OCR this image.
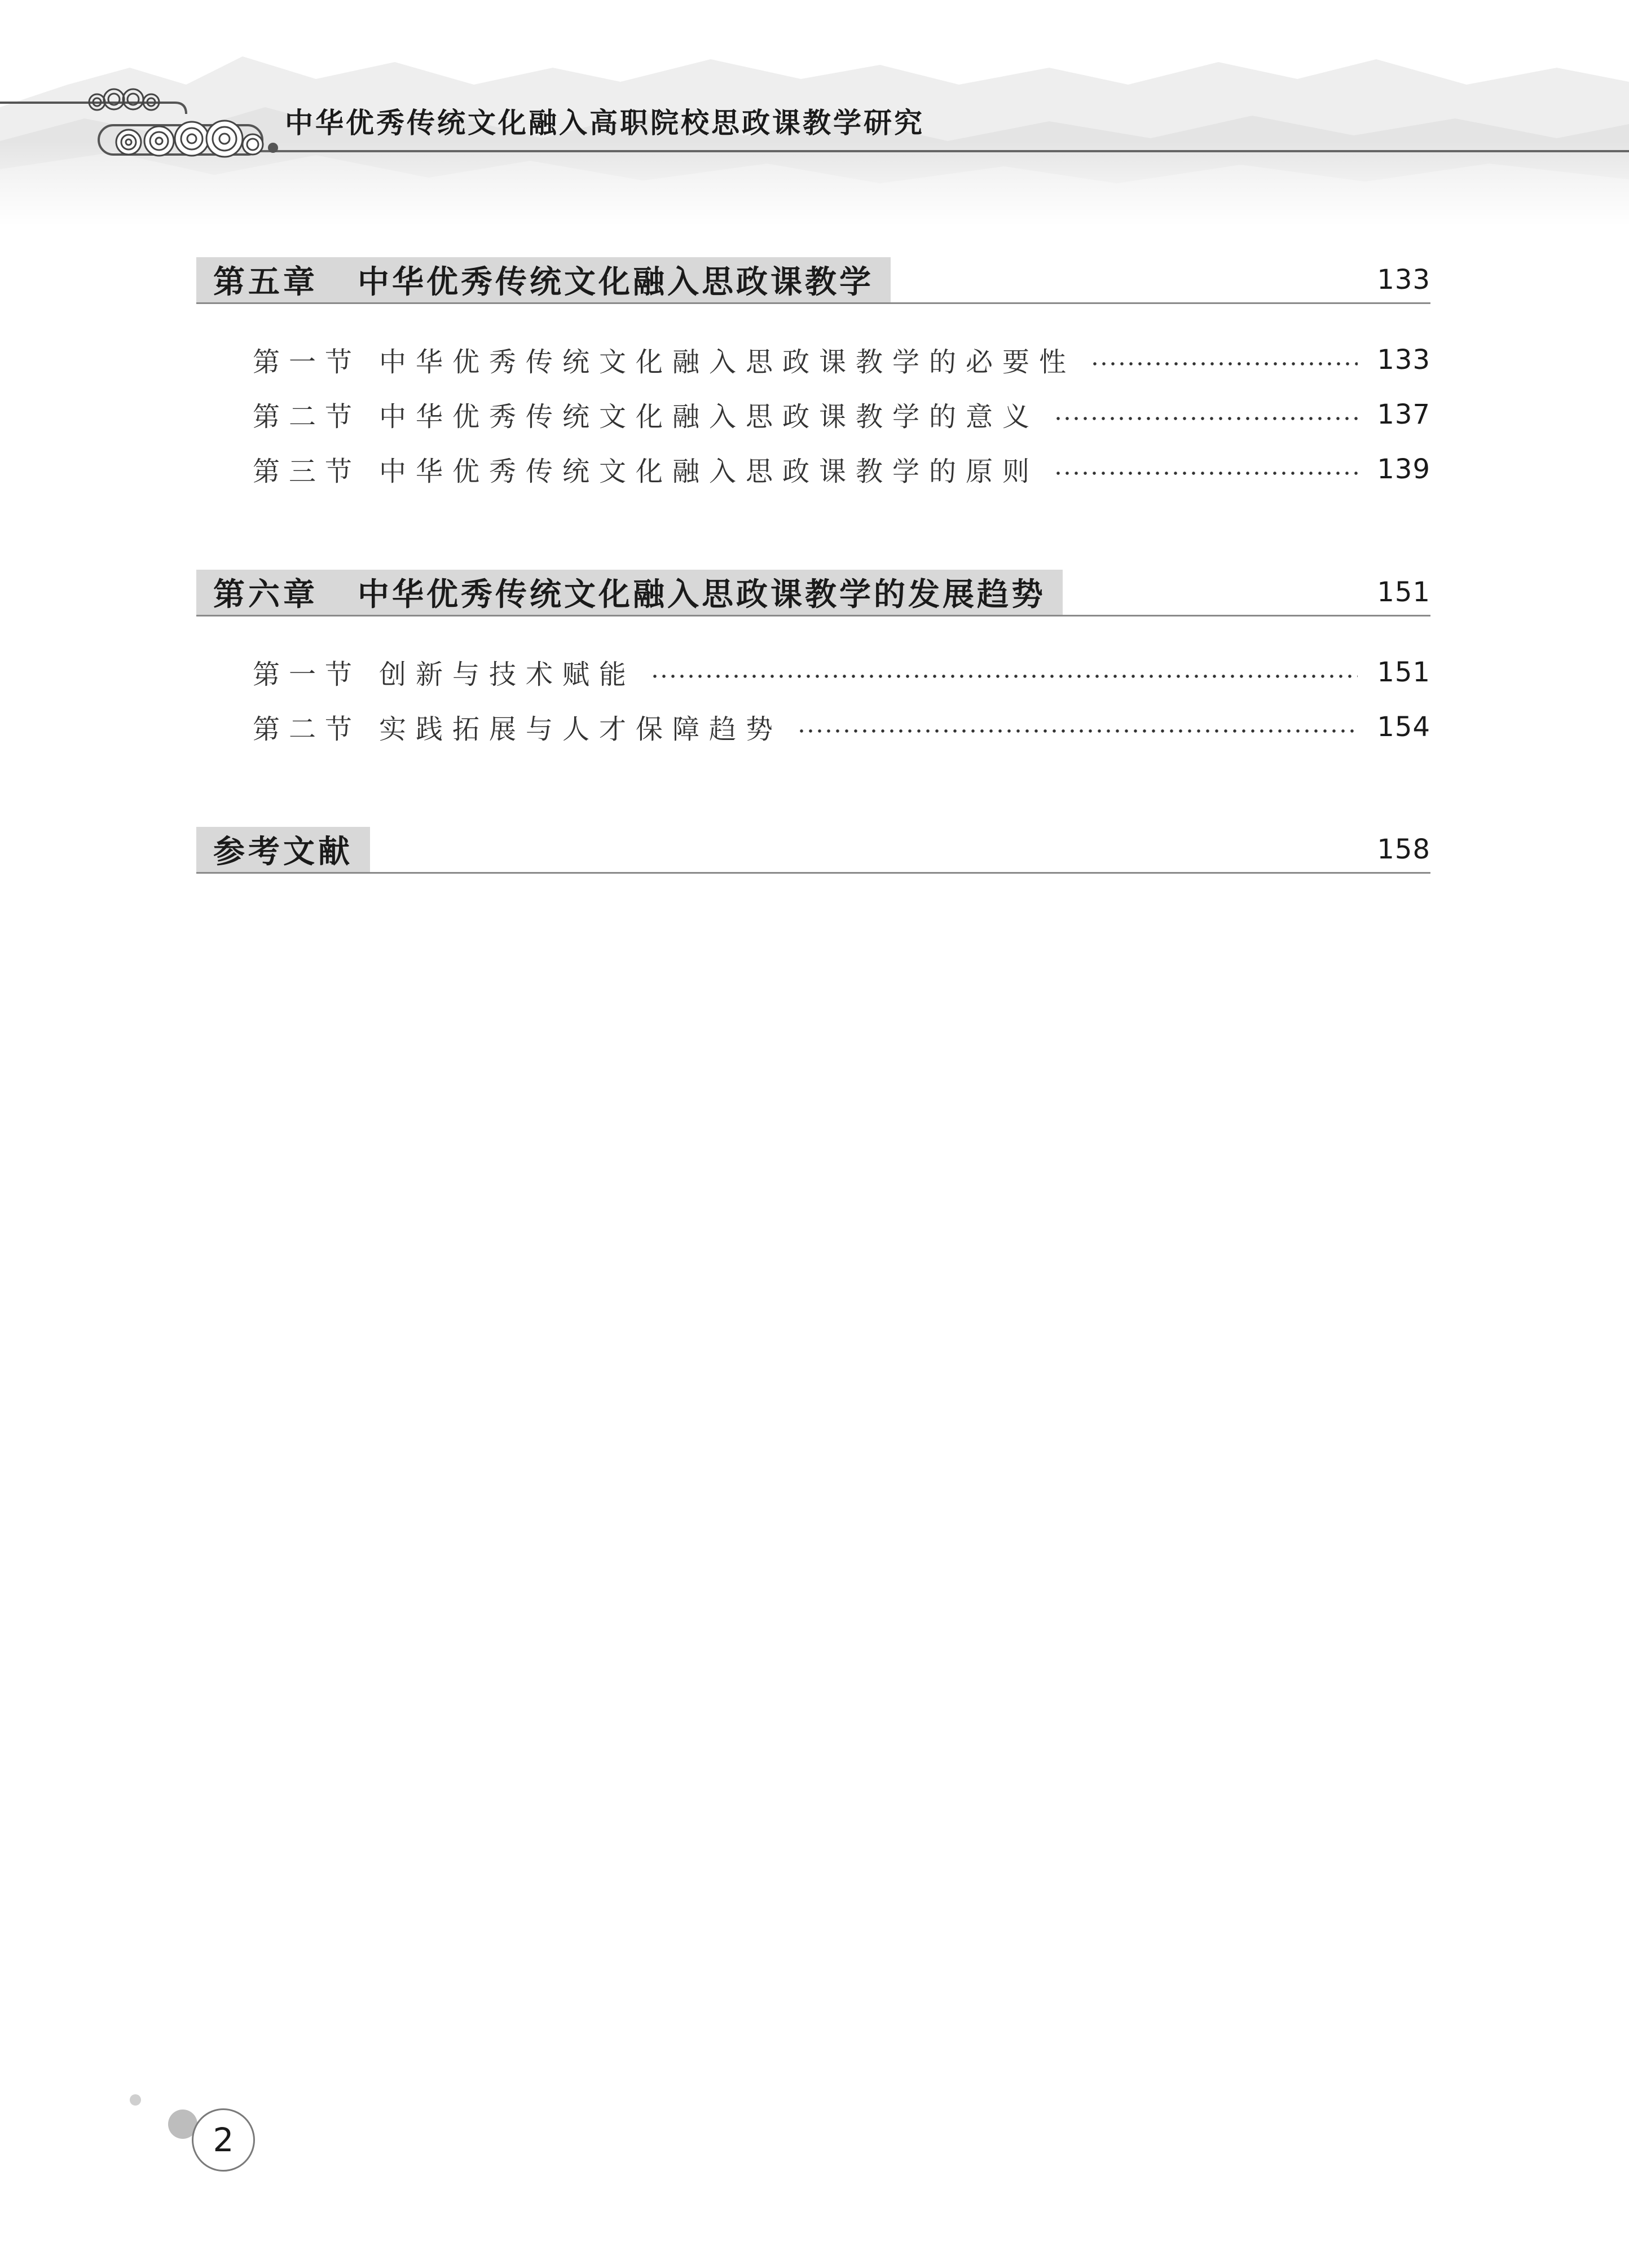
中华优秀传统文化融入高职院校思政课教学研究
第五章 中华优秀传统文化融入思政课教学	133
第一节 中华优秀传统文化融入思政课教学的必要性	133
第二节 中华优秀传统文化融入思政课教学的意义	137
第三节 中华优秀传统文化融入思政课教学的原则	139
第六章 中华优秀传统文化融入思政课教学的发展趋势	151
第一节 创新与技术赋能	151
第二节 实践拓展与人才保障趋势	154
参考文献	158
2
